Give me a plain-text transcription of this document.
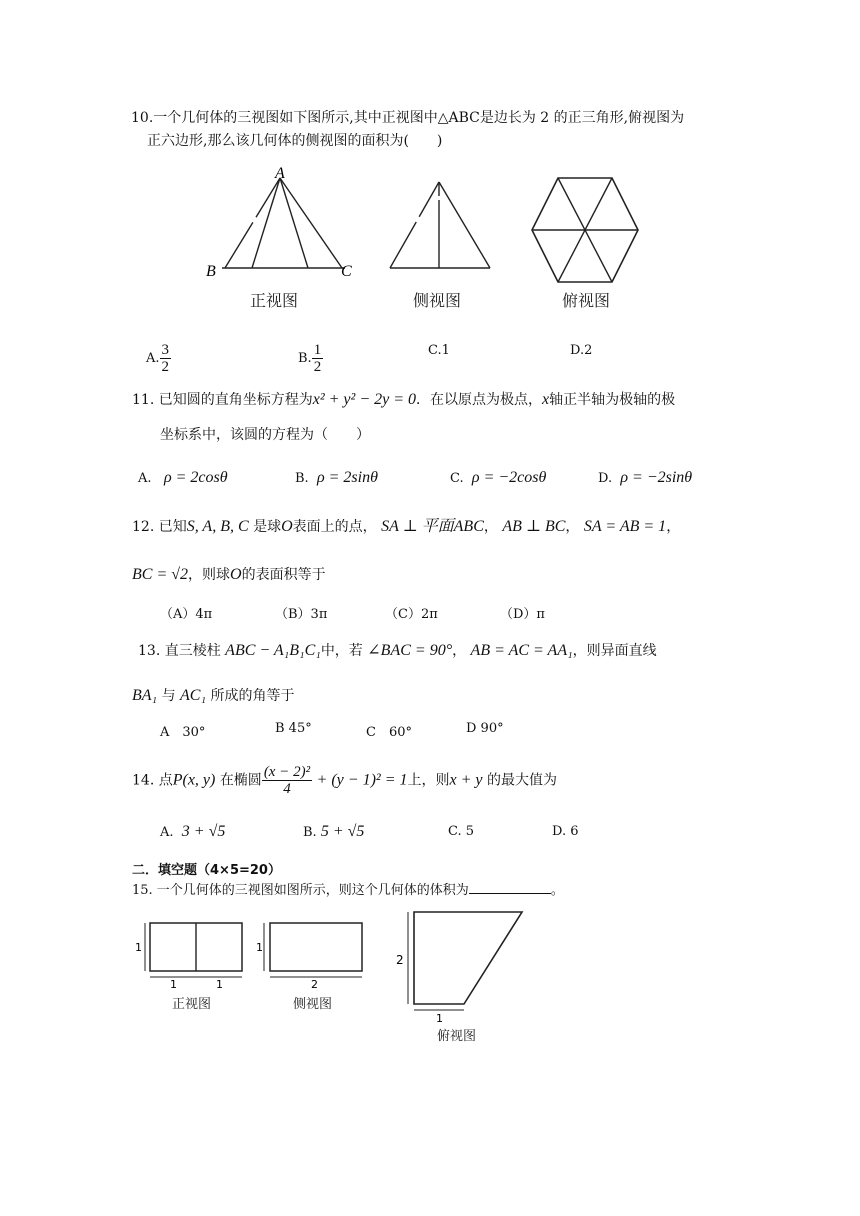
10.一个几何体的三视图如下图所示,其中正视图中△ABC是边长为 2 的正三角形,俯视图为
正六边形,那么该几何体的侧视图的面积为(　　)
A
B	C
正视图	侧视图	俯视图
A. $\frac{3}{2}$	B. $\frac{1}{2}$	C.1	D.2
11. 已知圆的直角坐标方程为x² + y² − 2y = 0．在以原点为极点，x轴正半轴为极轴的极
坐标系中，该圆的方程为（　　）
A. ρ = 2cosθ	B. ρ = 2sinθ	C. ρ = −2cosθ	D. ρ = −2sinθ
12. 已知S, A, B, C 是球O表面上的点， SA ⊥ 平面ABC， AB ⊥ BC， SA = AB = 1，
BC = √2，则球O的表面积等于
（A）4π	（B）3π	（C）2π	（D）π
13. 直三棱柱 ABC − A₁B₁C₁中，若 ∠BAC = 90°， AB = AC = AA₁，则异面直线
BA₁ 与 AC₁ 所成的角等于
A　30°	B 45°	C　60°	D 90°
14. 点P(x, y) 在椭圆 $\frac{\text{(x − 2)²}}{4} + (y - 1)^2 = 1$上，则x + y 的最大值为
A. 3 + √5	B. 5 + √5	C. 5	D. 6
二．填空题（4×5=20）
15. 一个几何体的三视图如图所示，则这个几何体的体积为	。
1
1	1
正视图
1
2
侧视图
2
1
俯视图
